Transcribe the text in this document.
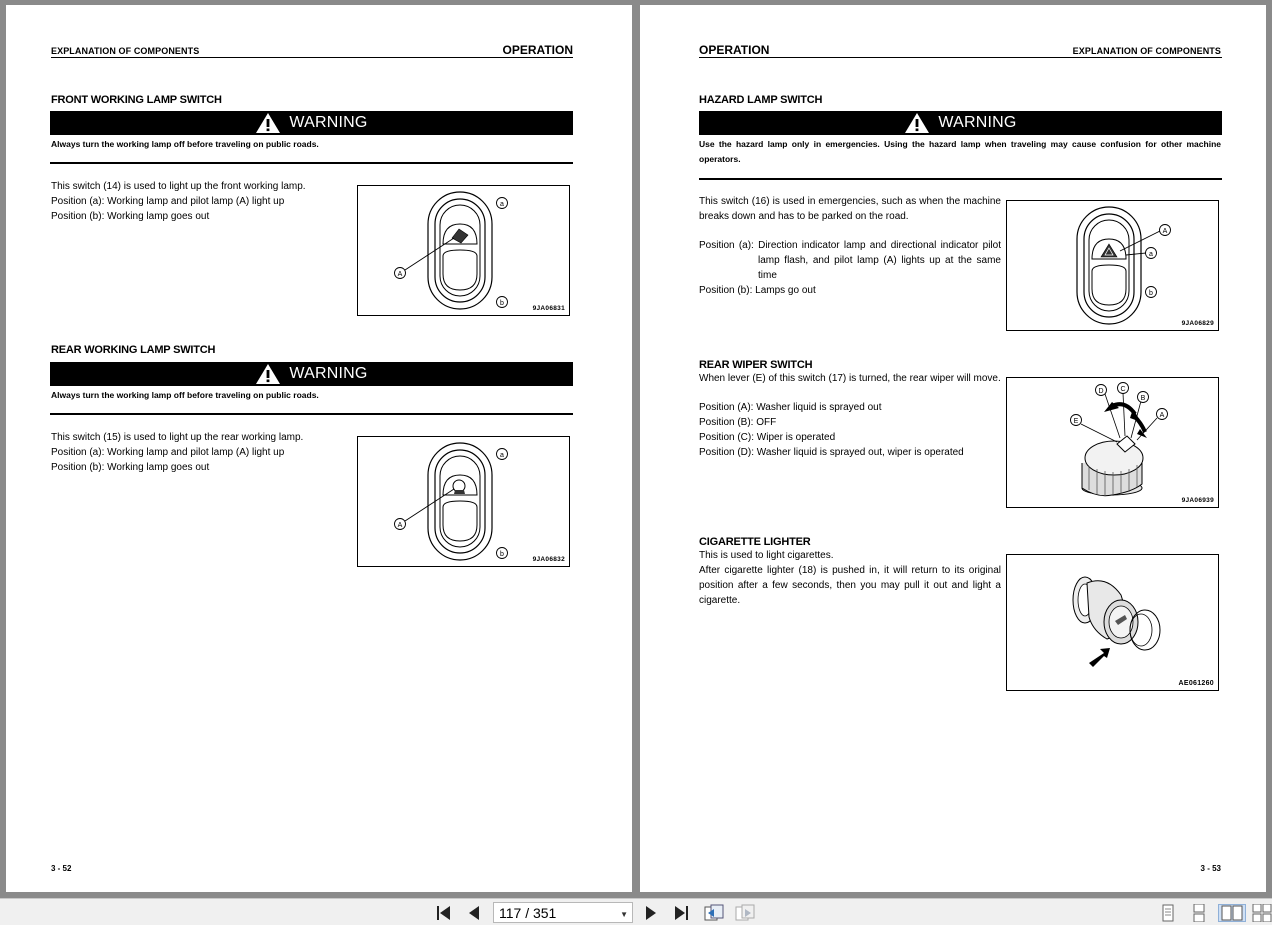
EXPLANATION OF COMPONENTS	OPERATION
FRONT WORKING LAMP SWITCH
WARNING
Always turn the working lamp off before traveling on public roads.

This switch (14) is used to light up the front working lamp.

Position (a): Working lamp and pilot lamp (A) light up

Position (b): Working lamp goes out

A
a
b
9JA06831
REAR WORKING LAMP SWITCH
WARNING
Always turn the working lamp off before traveling on public roads.

This switch (15) is used to light up the rear working lamp.

Position (a): Working lamp and pilot lamp (A) light up

Position (b): Working lamp goes out

A
a
b
9JA06832
3 - 52
OPERATION	EXPLANATION OF COMPONENTS
HAZARD LAMP SWITCH
WARNING
Use the hazard lamp only in emergencies. Using the hazard lamp when traveling may cause confusion for other machine operators.

This switch (16) is used in emergencies, such as when the machine breaks down and has to be parked on the road.

Position (a): Direction indicator lamp and directional indicator pilot lamp flash, and pilot lamp (A) lights up at the same time

Position (b): Lamps go out

A
a
b
9JA06829
REAR WIPER SWITCH

When lever (E) of this switch (17) is turned, the rear wiper will move.

Position (A): Washer liquid is sprayed out

Position (B): OFF

Position (C): Wiper is operated

Position (D): Washer liquid is sprayed out, wiper is operated

D C
B
A
E
9JA06939
CIGARETTE LIGHTER

This is used to light cigarettes.

After cigarette lighter (18) is pushed in, it will return to its original position after a few seconds, then you may pull it out and light a cigarette.

AE061260
3 - 53
117 / 351	▼
